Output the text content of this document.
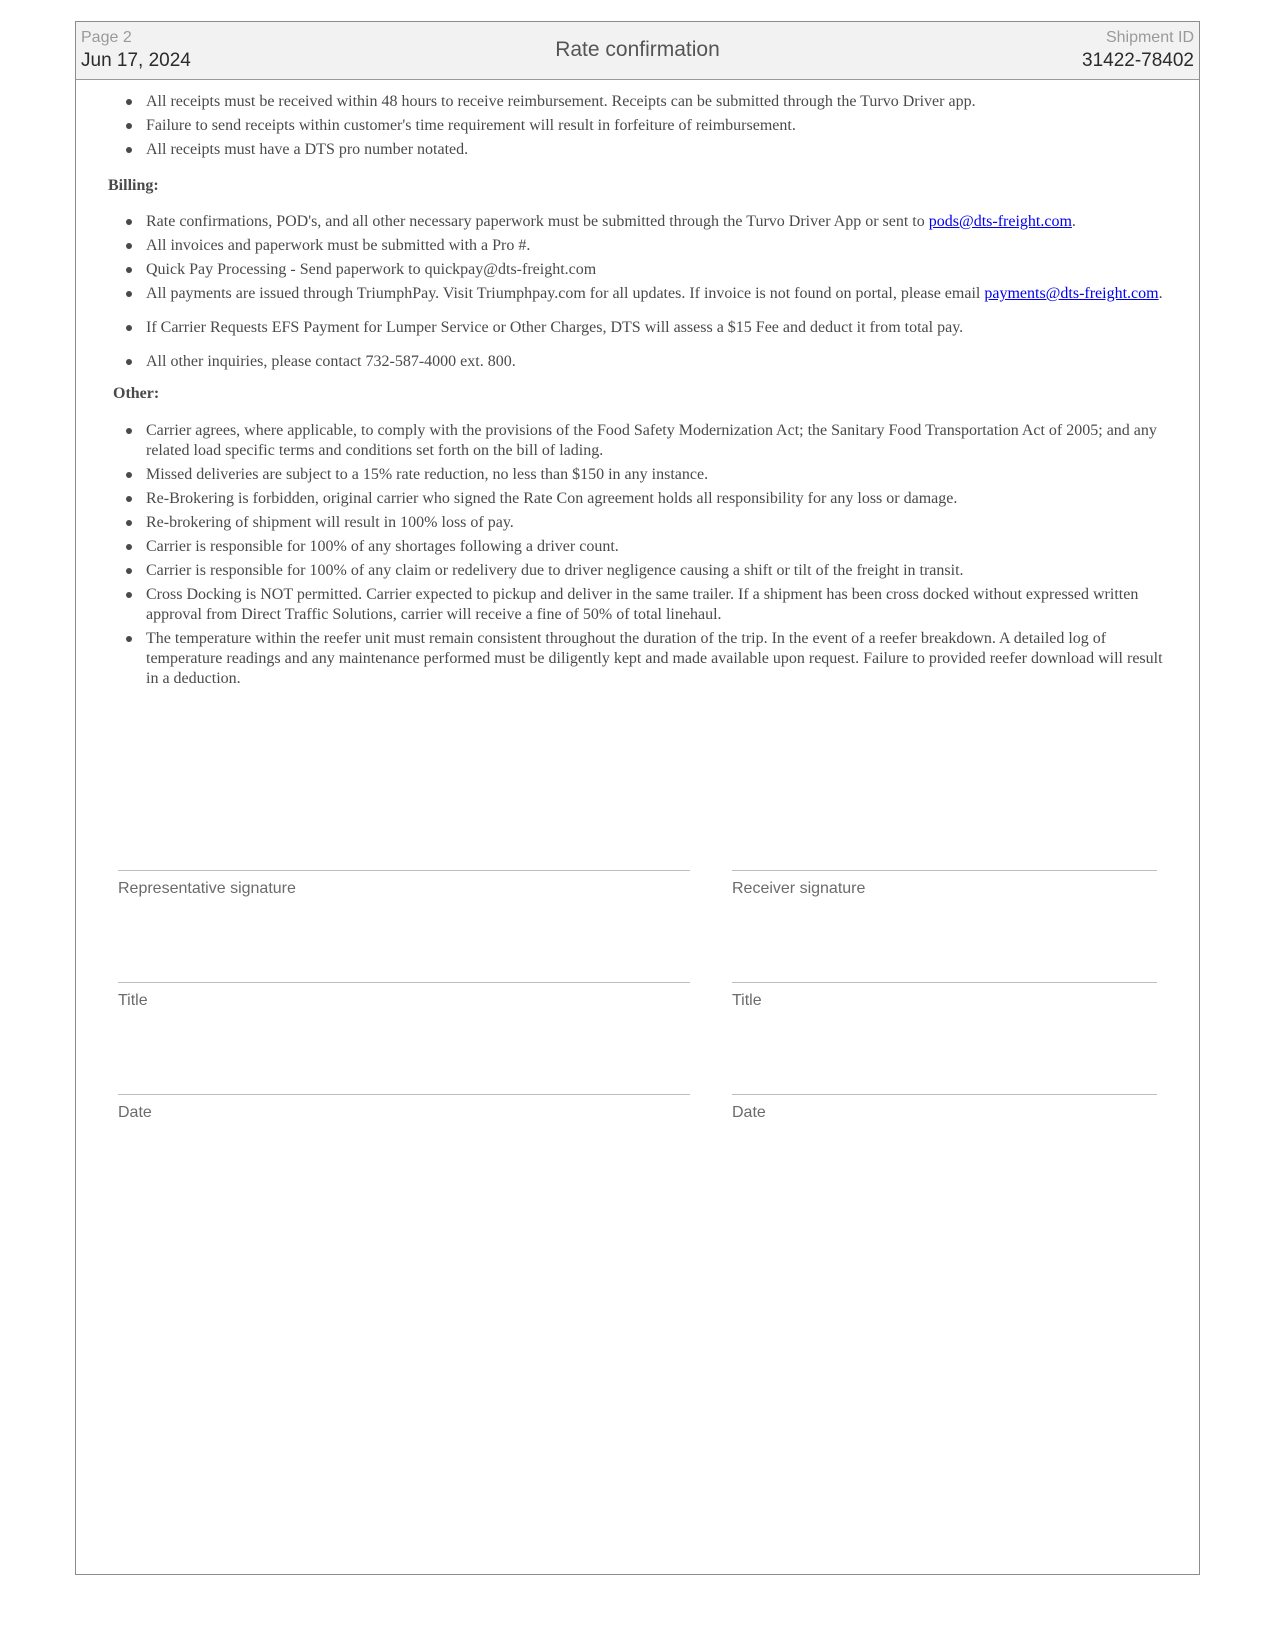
Page 2
Jun 17, 2024	Rate confirmation
Shipment ID
31422-78402
All receipts must be received within 48 hours to receive reimbursement. Receipts can be submitted through the Turvo Driver app.
Failure to send receipts within customer's time requirement will result in forfeiture of reimbursement.
All receipts must have a DTS pro number notated.
Billing:
Rate confirmations, POD's, and all other necessary paperwork must be submitted through the Turvo Driver App or sent to pods@dts-freight.com.
All invoices and paperwork must be submitted with a Pro #.
Quick Pay Processing - Send paperwork to quickpay@dts-freight.com
All payments are issued through TriumphPay. Visit Triumphpay.com for all updates. If invoice is not found on portal, please email payments@dts-freight.com.
If Carrier Requests EFS Payment for Lumper Service or Other Charges, DTS will assess a $15 Fee and deduct it from total pay.
All other inquiries, please contact 732-587-4000 ext. 800.
Other:
Carrier agrees, where applicable, to comply with the provisions of the Food Safety Modernization Act; the Sanitary Food Transportation Act of 2005; and any related load specific terms and conditions set forth on the bill of lading.
Missed deliveries are subject to a 15% rate reduction, no less than $150 in any instance.
Re-Brokering is forbidden, original carrier who signed the Rate Con agreement holds all responsibility for any loss or damage.
Re-brokering of shipment will result in 100% loss of pay.
Carrier is responsible for 100% of any shortages following a driver count.
Carrier is responsible for 100% of any claim or redelivery due to driver negligence causing a shift or tilt of the freight in transit.
Cross Docking is NOT permitted. Carrier expected to pickup and deliver in the same trailer. If a shipment has been cross docked without expressed written approval from Direct Traffic Solutions, carrier will receive a fine of 50% of total linehaul.
The temperature within the reefer unit must remain consistent throughout the duration of the trip. In the event of a reefer breakdown. A detailed log of temperature readings and any maintenance performed must be diligently kept and made available upon request. Failure to provided reefer download will result in a deduction.
Representative signature	Receiver signature
Title	Title
Date	Date
